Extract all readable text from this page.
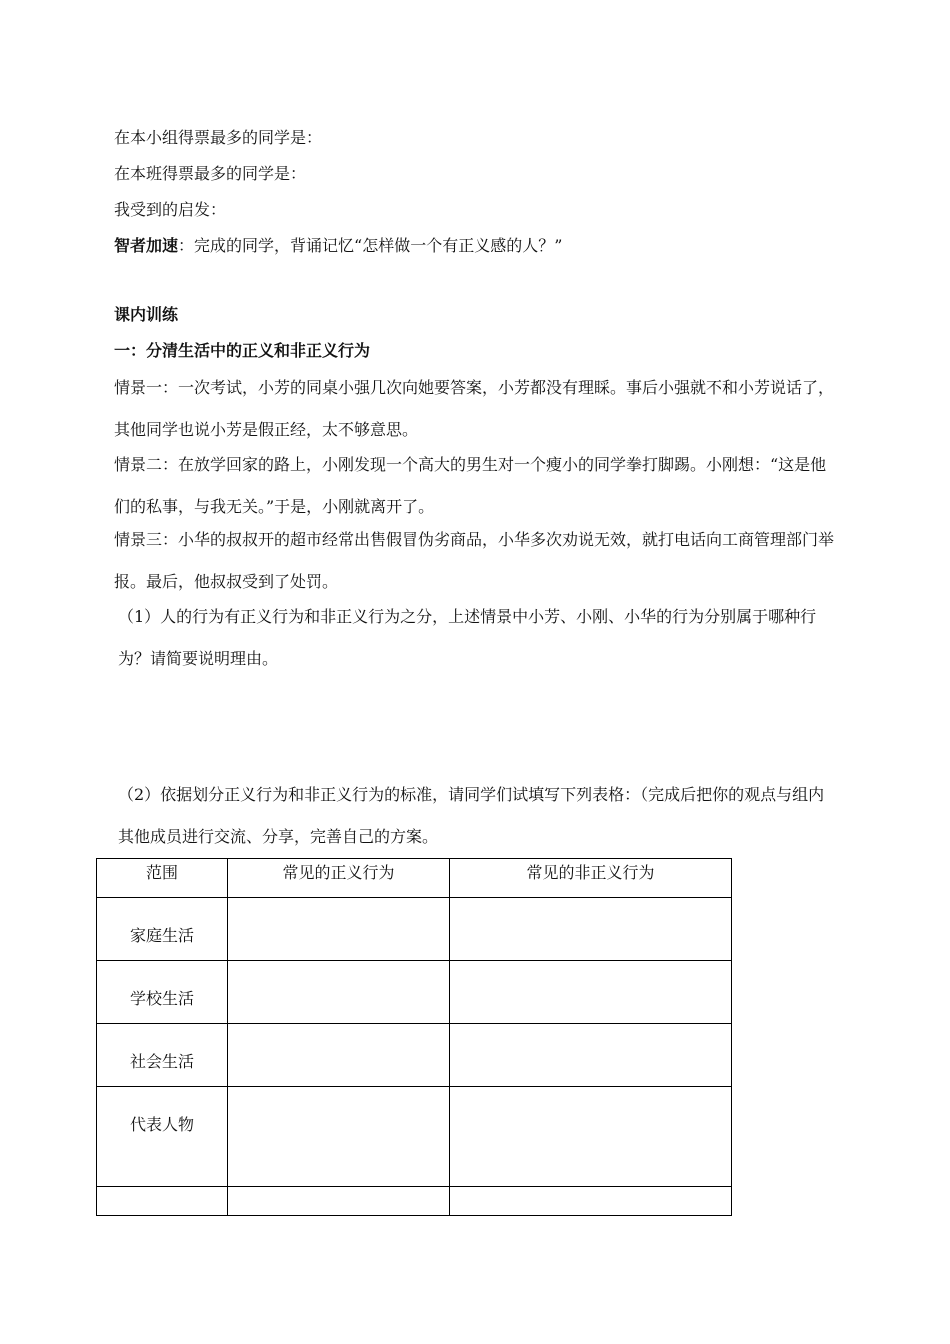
在本小组得票最多的同学是：
在本班得票最多的同学是：
我受到的启发：
智者加速：完成的同学，背诵记忆“怎样做一个有正义感的人？”
课内训练
一：分清生活中的正义和非正义行为
情景一：一次考试，小芳的同桌小强几次向她要答案，小芳都没有理睬。事后小强就不和小芳说话了，其他同学也说小芳是假正经，太不够意思。
情景二：在放学回家的路上，小刚发现一个高大的男生对一个瘦小的同学拳打脚踢。小刚想：“这是他们的私事，与我无关。”于是，小刚就离开了。
情景三：小华的叔叔开的超市经常出售假冒伪劣商品，小华多次劝说无效，就打电话向工商管理部门举报。最后，他叔叔受到了处罚。
（1）人的行为有正义行为和非正义行为之分，上述情景中小芳、小刚、小华的行为分别属于哪种行为？请简要说明理由。
（2）依据划分正义行为和非正义行为的标准，请同学们试填写下列表格：（完成后把你的观点与组内其他成员进行交流、分享，完善自己的方案。
范围	常见的正义行为	常见的非正义行为
家庭生活		
学校生活		
社会生活		
代表人物		
